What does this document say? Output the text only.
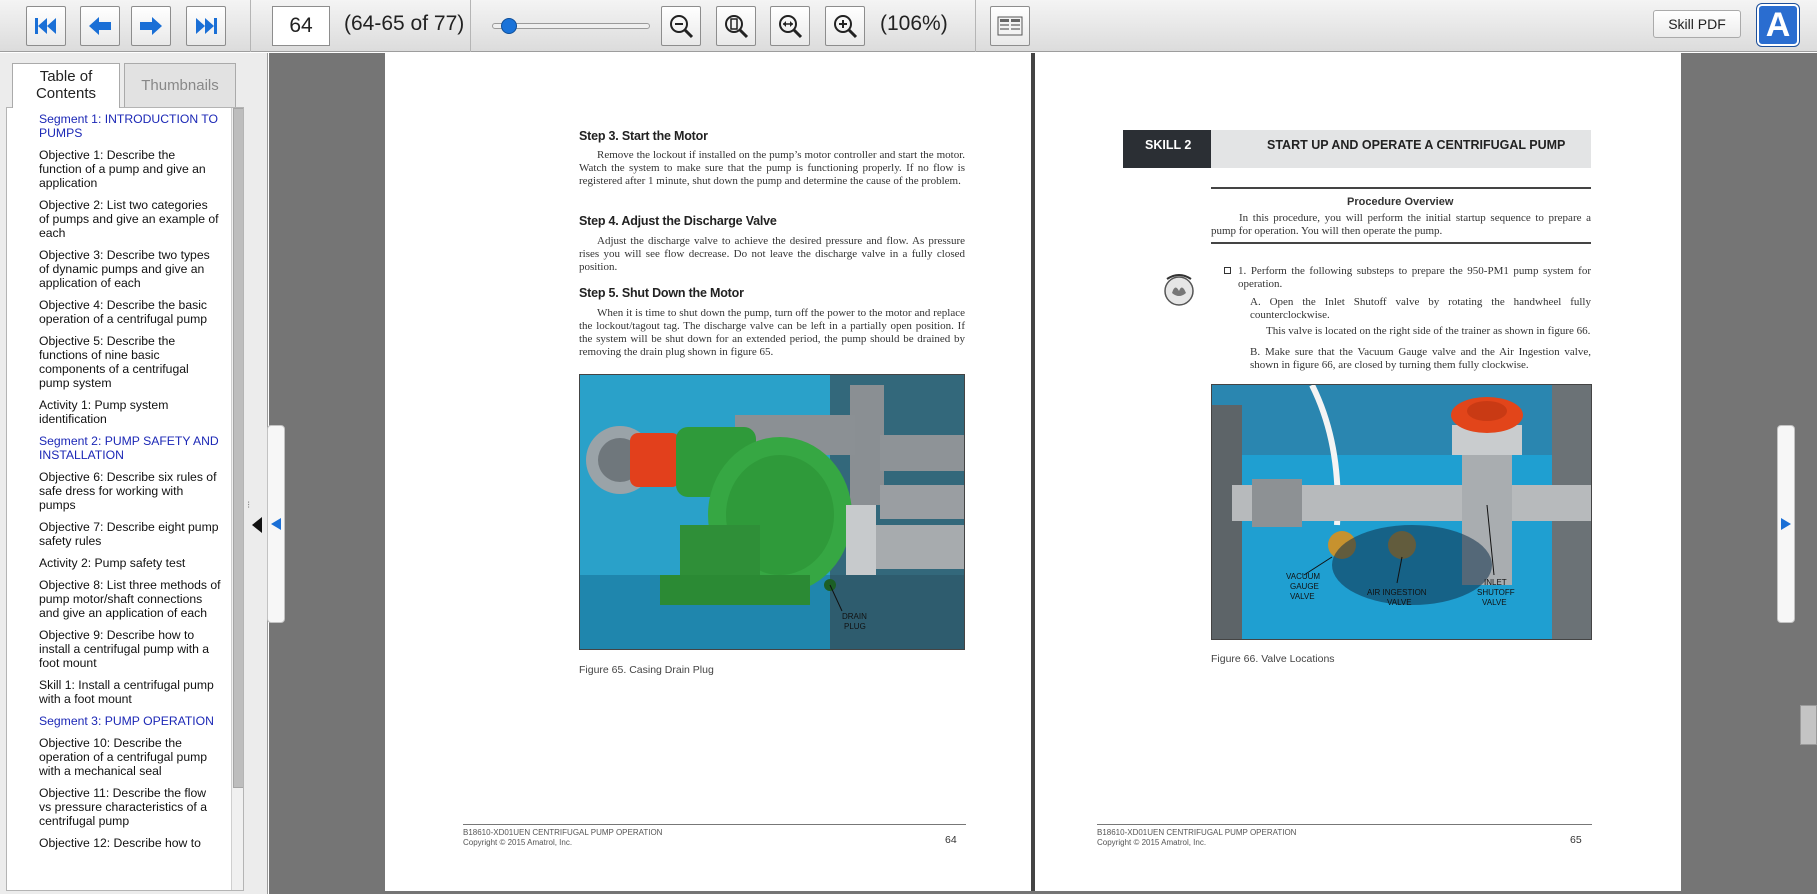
64
(64-65 of 77)	(106%)	Skill PDF	A
Table of Contents	Thumbnails
Segment 1: INTRODUCTION TO PUMPS
Objective 1: Describe the function of a pump and give an application
Objective 2: List two categories of pumps and give an example of each
Objective 3: Describe two types of dynamic pumps and give an application of each
Objective 4: Describe the basic operation of a centrifugal pump
Objective 5: Describe the functions of nine basic components of a centrifugal pump system
Activity 1: Pump system identification
Segment 2: PUMP SAFETY AND INSTALLATION
Objective 6: Describe six rules of safe dress for working with pumps
Objective 7: Describe eight pump safety rules
Activity 2: Pump safety test
Objective 8: List three methods of pump motor/shaft connections and give an application of each
Objective 9: Describe how to install a centrifugal pump with a foot mount
Skill 1: Install a centrifugal pump with a foot mount
Segment 3: PUMP OPERATION
Objective 10: Describe the operation of a centrifugal pump with a mechanical seal
Objective 11: Describe the flow vs pressure characteristics of a centrifugal pump
Objective 12: Describe how to
⁝
Step 3. Start the Motor
Remove the lockout if installed on the pump’s motor controller and start the motor. Watch the system to make sure that the pump is functioning properly. If no flow is registered after 1 minute, shut down the pump and determine the cause of the problem.
Step 4. Adjust the Discharge Valve
Adjust the discharge valve to achieve the desired pressure and flow. As pressure rises you will see flow decrease. Do not leave the discharge valve in a fully closed position.
Step 5. Shut Down the Motor
When it is time to shut down the pump, turn off the power to the motor and replace the lockout/tagout tag. The discharge valve can be left in a partially open position. If the system will be shut down for an extended period, the pump should be drained by removing the drain plug shown in figure 65.
DRAIN
PLUG
Figure 65. Casing Drain Plug
B18610-XD01UEN CENTRIFUGAL PUMP OPERATION
Copyright © 2015 Amatrol, Inc.	64
SKILL 2	START UP AND OPERATE A CENTRIFUGAL PUMP
Procedure Overview
In this procedure, you will perform the initial startup sequence to prepare a pump for operation. You will then operate the pump.
1. Perform the following substeps to prepare the 950-PM1 pump system for operation.
A. Open the Inlet Shutoff valve by rotating the handwheel fully counterclockwise.
This valve is located on the right side of the trainer as shown in figure 66.
B. Make sure that the Vacuum Gauge valve and the Air Ingestion valve, shown in figure 66, are closed by turning them fully clockwise.
VACUUM
GAUGE
VALVE	AIR INGESTION
VALVE
INLET
SHUTOFF
VALVE
Figure 66. Valve Locations
B18610-XD01UEN CENTRIFUGAL PUMP OPERATION
Copyright © 2015 Amatrol, Inc.	65
